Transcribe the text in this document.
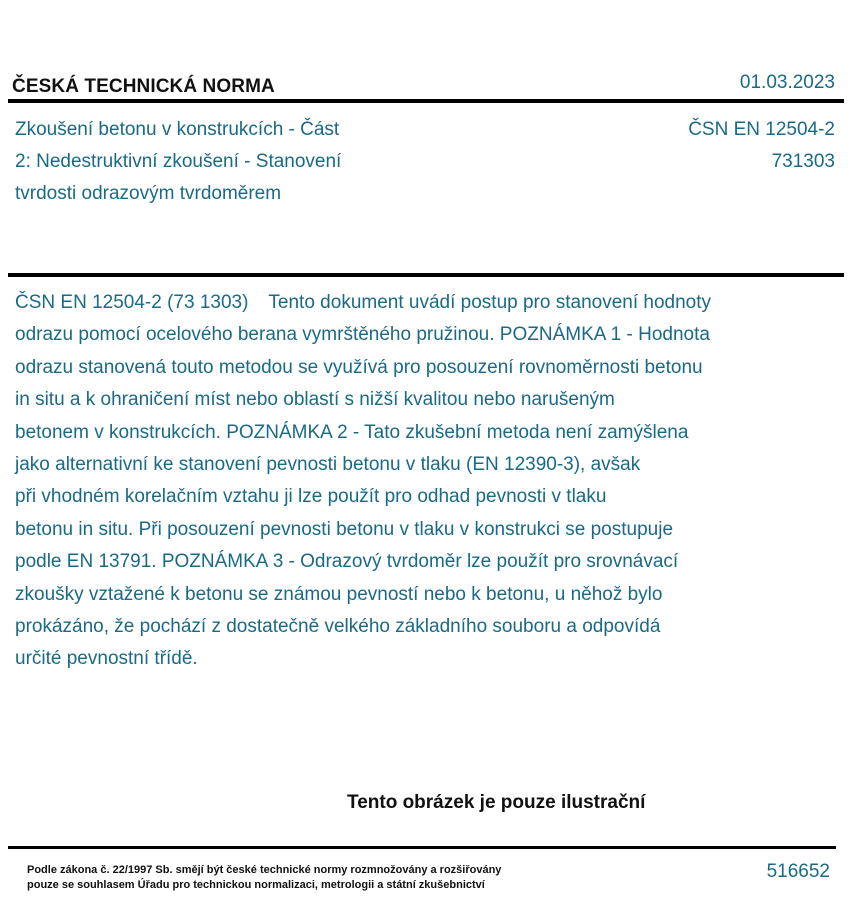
ČESKÁ TECHNICKÁ NORMA	01.03.2023
Zkoušení betonu v konstrukcích - Část
2: Nedestruktivní zkoušení - Stanovení
tvrdosti odrazovým tvrdoměrem
ČSN EN 12504-2
731303
ČSN EN 12504-2 (73 1303) Tento dokument uvádí postup pro stanovení hodnoty
odrazu pomocí ocelového berana vymrštěného pružinou. POZNÁMKA 1 - Hodnota
odrazu stanovená touto metodou se využívá pro posouzení rovnoměrnosti betonu
in situ a k ohraničení míst nebo oblastí s nižší kvalitou nebo narušeným
betonem v konstrukcích. POZNÁMKA 2 - Tato zkušební metoda není zamýšlena
jako alternativní ke stanovení pevnosti betonu v tlaku (EN 12390-3), avšak
při vhodném korelačním vztahu ji lze použít pro odhad pevnosti v tlaku
betonu in situ. Při posouzení pevnosti betonu v tlaku v konstrukci se postupuje
podle EN 13791. POZNÁMKA 3 - Odrazový tvrdoměr lze použít pro srovnávací
zkoušky vztažené k betonu se známou pevností nebo k betonu, u něhož bylo
prokázáno, že pochází z dostatečně velkého základního souboru a odpovídá
určité pevnostní třídě.
Tento obrázek je pouze ilustrační
Podle zákona č. 22/1997 Sb. smějí být české technické normy rozmnožovány a rozšiřovány
pouze se souhlasem Úřadu pro technickou normalizaci, metrologii a státní zkušebnictví
516652
